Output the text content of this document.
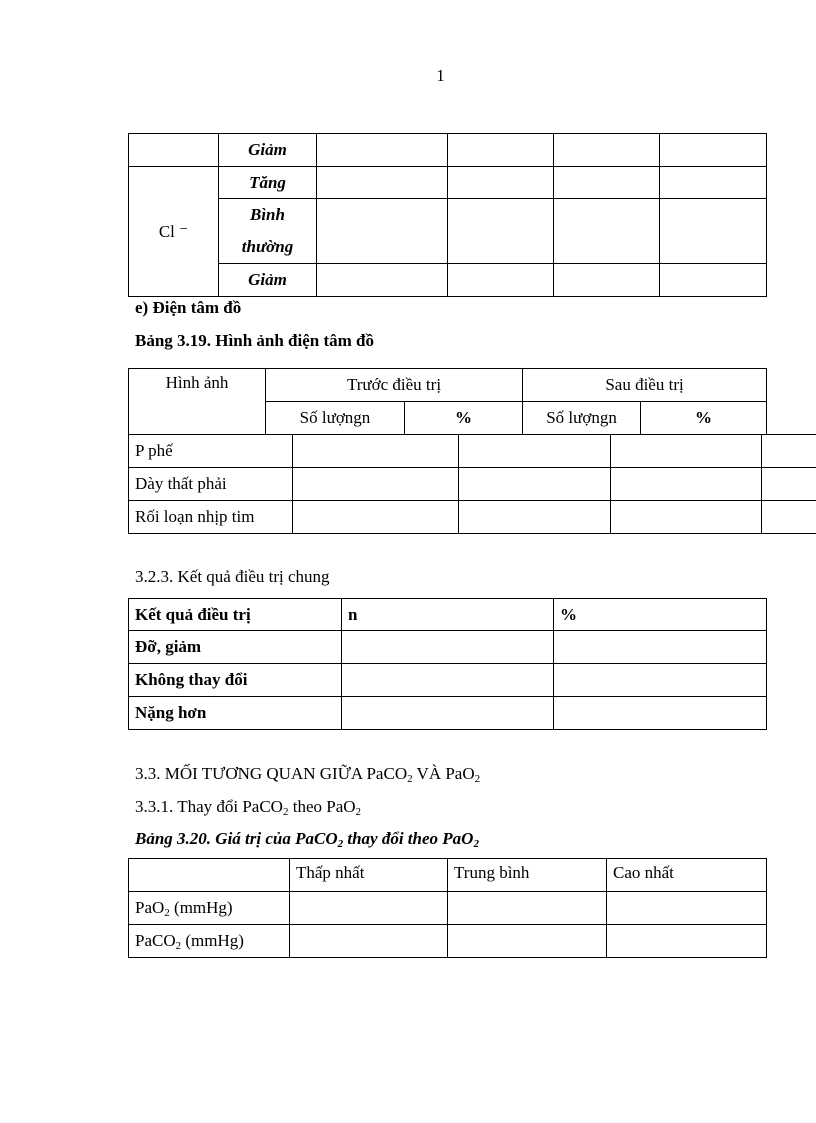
1
	Giảm				
Cl ⁻	Tăng				
	Bình thường				
	Giảm				
e) Điện tâm đồ
Bảng 3.19. Hình ảnh điện tâm đồ
Hình ảnh	Trước điều trị		Sau điều trị	
	Số lượngn	%	Số lượngn	%
P phế				
Dày thất phải				
Rối loạn nhịp tim				
3.2.3. Kết quả điều trị chung
Kết quả điều trị	n	%
Đỡ, giảm		
Không thay đổi		
Nặng hơn		
3.3. MỐI TƯƠNG QUAN GIỮA PaCO$_2$ VÀ PaO$_2$
3.3.1. Thay đổi PaCO$_2$ theo PaO$_2$
Bảng 3.20. Giá trị của PaCO$_2$ thay đổi theo PaO$_2$
	Thấp nhất	Trung bình	Cao nhất
PaO$_2$ (mmHg)			
PaCO$_2$ (mmHg)			
